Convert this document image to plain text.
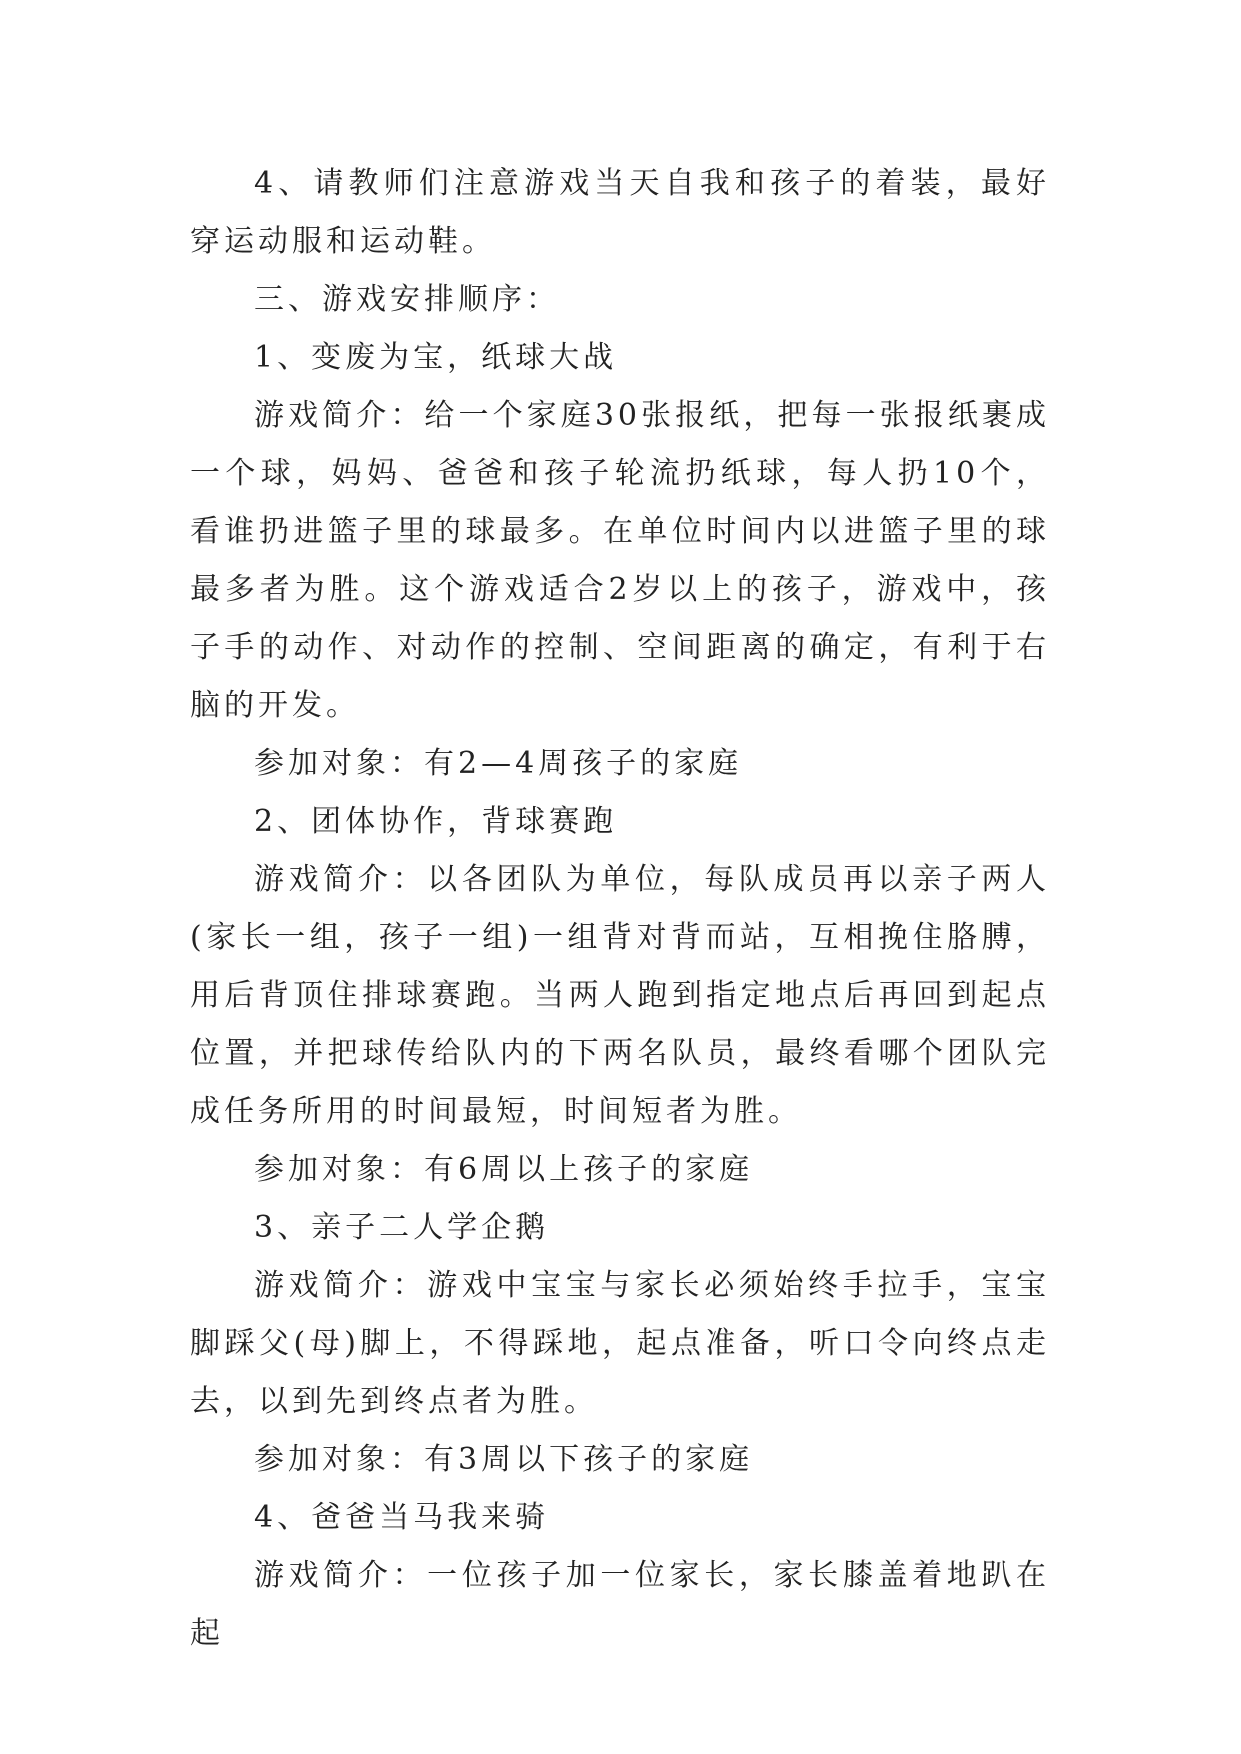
4、请教师们注意游戏当天自我和孩子的着装，最好穿运动服和运动鞋。

三、游戏安排顺序：

1、变废为宝，纸球大战

游戏简介：给一个家庭30张报纸，把每一张报纸裹成一个球，妈妈、爸爸和孩子轮流扔纸球，每人扔10个，看谁扔进篮子里的球最多。在单位时间内以进篮子里的球最多者为胜。这个游戏适合2岁以上的孩子，游戏中，孩子手的动作、对动作的控制、空间距离的确定，有利于右脑的开发。

参加对象：有2—4周孩子的家庭

2、团体协作，背球赛跑

游戏简介：以各团队为单位，每队成员再以亲子两人(家长一组，孩子一组)一组背对背而站，互相挽住胳膊，用后背顶住排球赛跑。当两人跑到指定地点后再回到起点位置，并把球传给队内的下两名队员，最终看哪个团队完成任务所用的时间最短，时间短者为胜。

参加对象：有6周以上孩子的家庭

3、亲子二人学企鹅

游戏简介：游戏中宝宝与家长必须始终手拉手，宝宝脚踩父(母)脚上，不得踩地，起点准备，听口令向终点走去，以到先到终点者为胜。

参加对象：有3周以下孩子的家庭

4、爸爸当马我来骑

游戏简介：一位孩子加一位家长，家长膝盖着地趴在起
